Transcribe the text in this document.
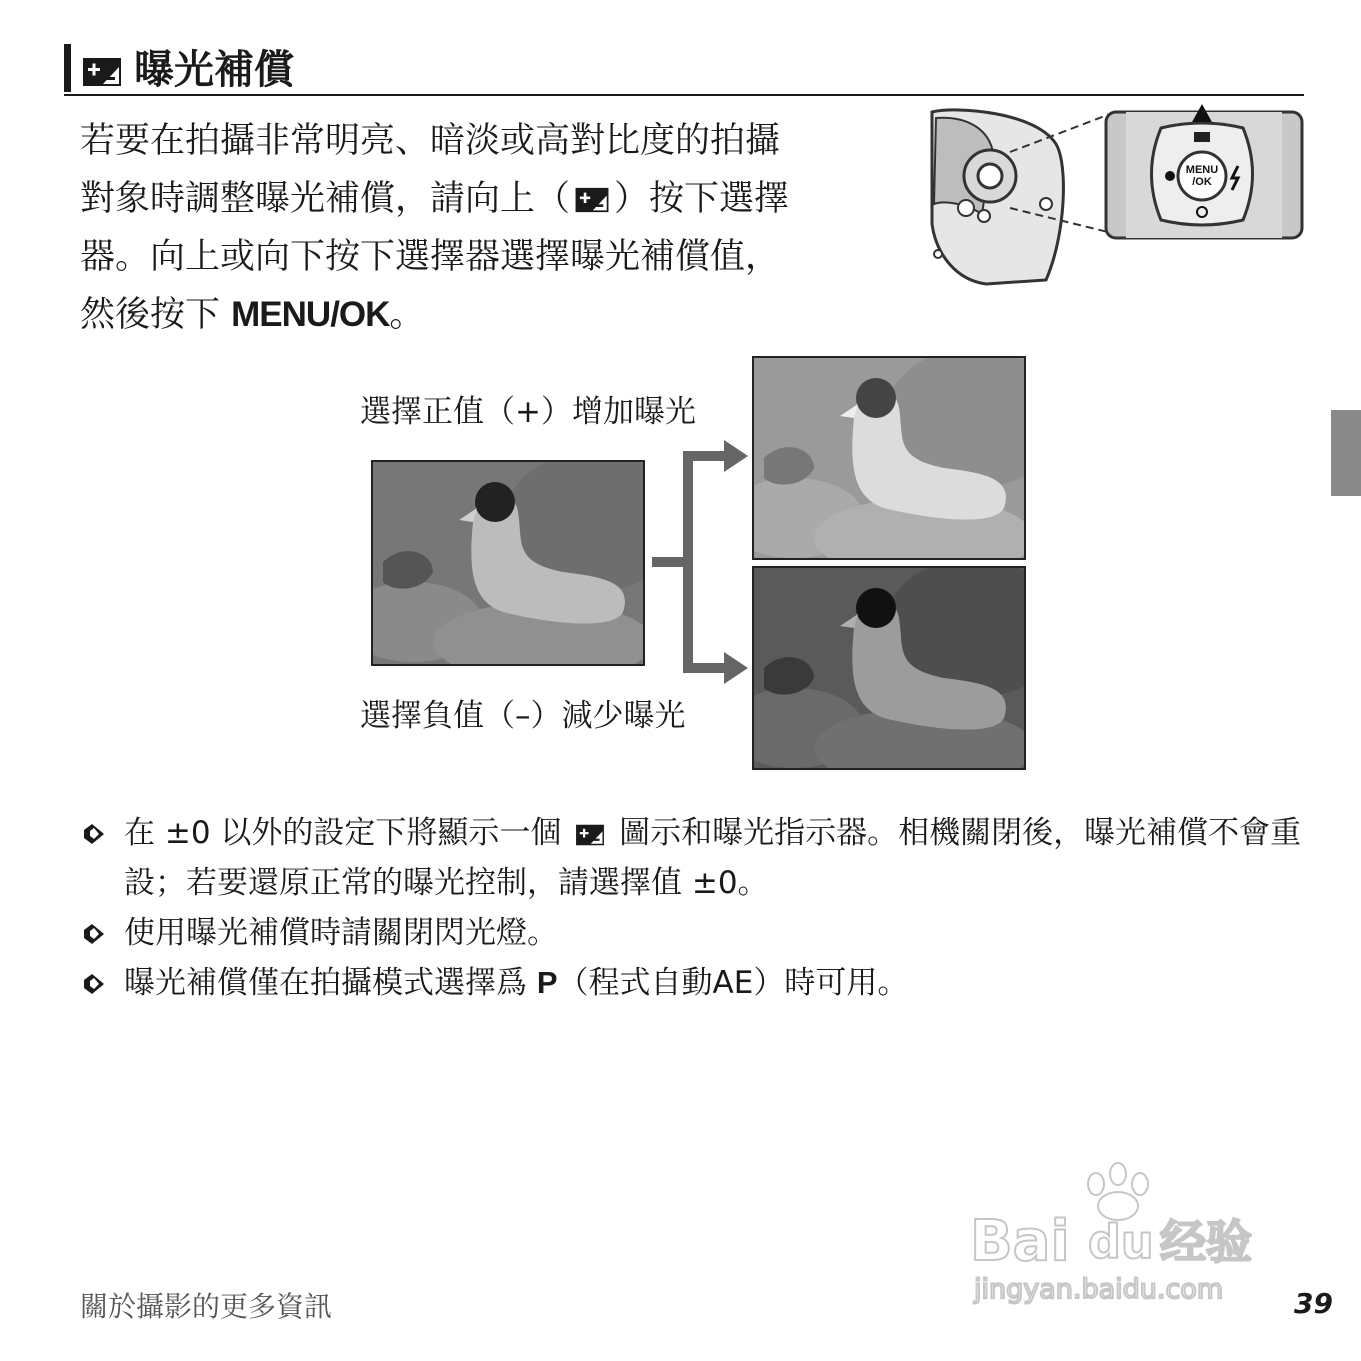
曝光補償
若要在拍攝非常明亮、暗淡或高對比度的拍攝
對象時調整曝光補償，請向上（ ）按下選擇
器。向上或向下按下選擇器選擇曝光補償值，
然後按下 MENU/OK。
MENU
/OK
選擇正值（+）增加曝光
選擇負值（–）減少曝光
在 ±0 以外的設定下將顯示一個  圖示和曝光指示器。相機關閉後，曝光補償不會重設；若要還原正常的曝光控制，請選擇值 ±0。
使用曝光補償時請關閉閃光燈。
曝光補償僅在拍攝模式選擇爲 P（程式自動AE）時可用。
關於攝影的更多資訊	39
Bai du 经验
jingyan.baidu.com
